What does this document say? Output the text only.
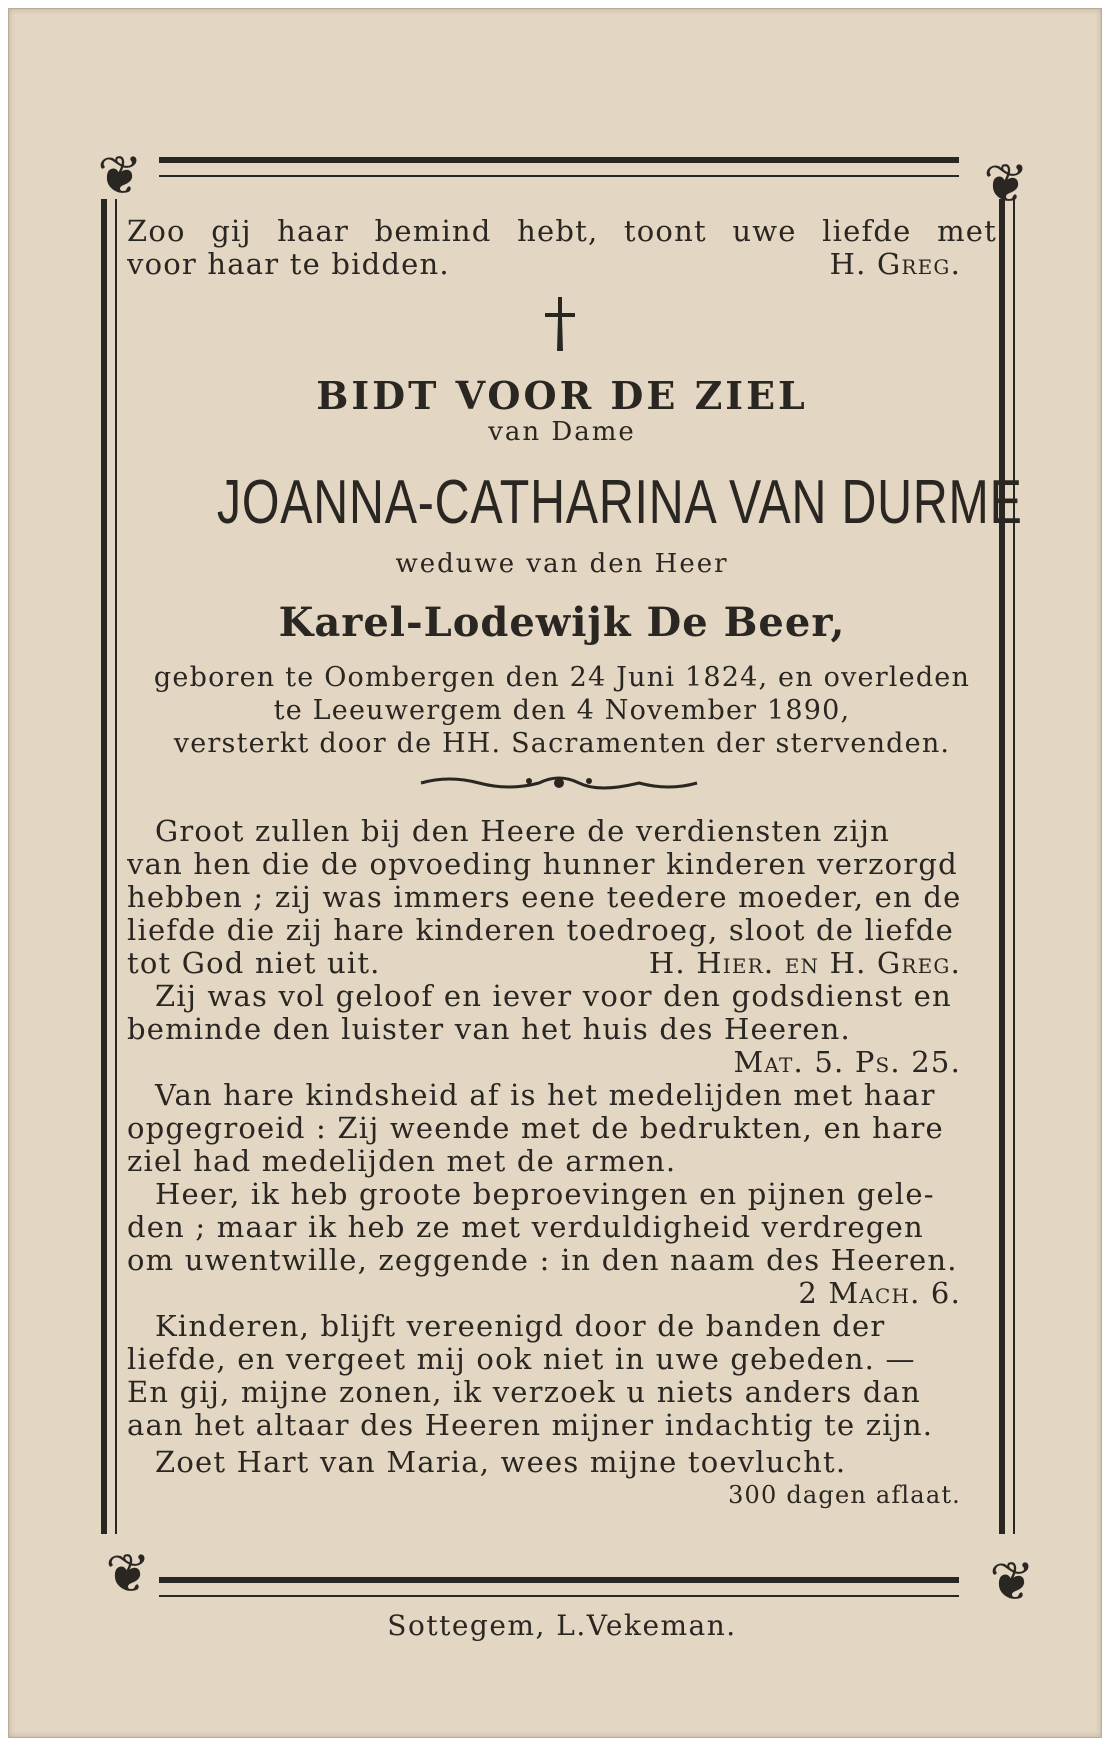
❦	❦
❦	❦
Zoo gij haar bemind hebt, toont uwe liefde met
voor haar te bidden.	H. Greg.
BIDT VOOR DE ZIEL
van Dame
JOANNA-CATHARINA VAN DURME
weduwe van den Heer
Karel-Lodewijk De Beer,
geboren te Oombergen den 24 Juni 1824, en overleden
te Leeuwergem den 4 November 1890,
versterkt door de HH. Sacramenten der stervenden.
Groot zullen bij den Heere de verdiensten zijn
van hen die de opvoeding hunner kinderen verzorgd
hebben ; zij was immers eene teedere moeder, en de
liefde die zij hare kinderen toedroeg, sloot de liefde
tot God niet uit.	H. Hier. en H. Greg.
Zij was vol geloof en iever voor den godsdienst en
beminde den luister van het huis des Heeren.
Mat. 5. Ps. 25.
Van hare kindsheid af is het medelijden met haar
opgegroeid : Zij weende met de bedrukten, en hare
ziel had medelijden met de armen.
Heer, ik heb groote beproevingen en pijnen gele-
den ; maar ik heb ze met verduldigheid verdregen
om uwentwille, zeggende : in den naam des Heeren.
2 Mach. 6.
Kinderen, blijft vereenigd door de banden der
liefde, en vergeet mij ook niet in uwe gebeden. —
En gij, mijne zonen, ik verzoek u niets anders dan
aan het altaar des Heeren mijner indachtig te zijn.
Zoet Hart van Maria, wees mijne toevlucht.
300 dagen aflaat.
Sottegem, L.Vekeman.
